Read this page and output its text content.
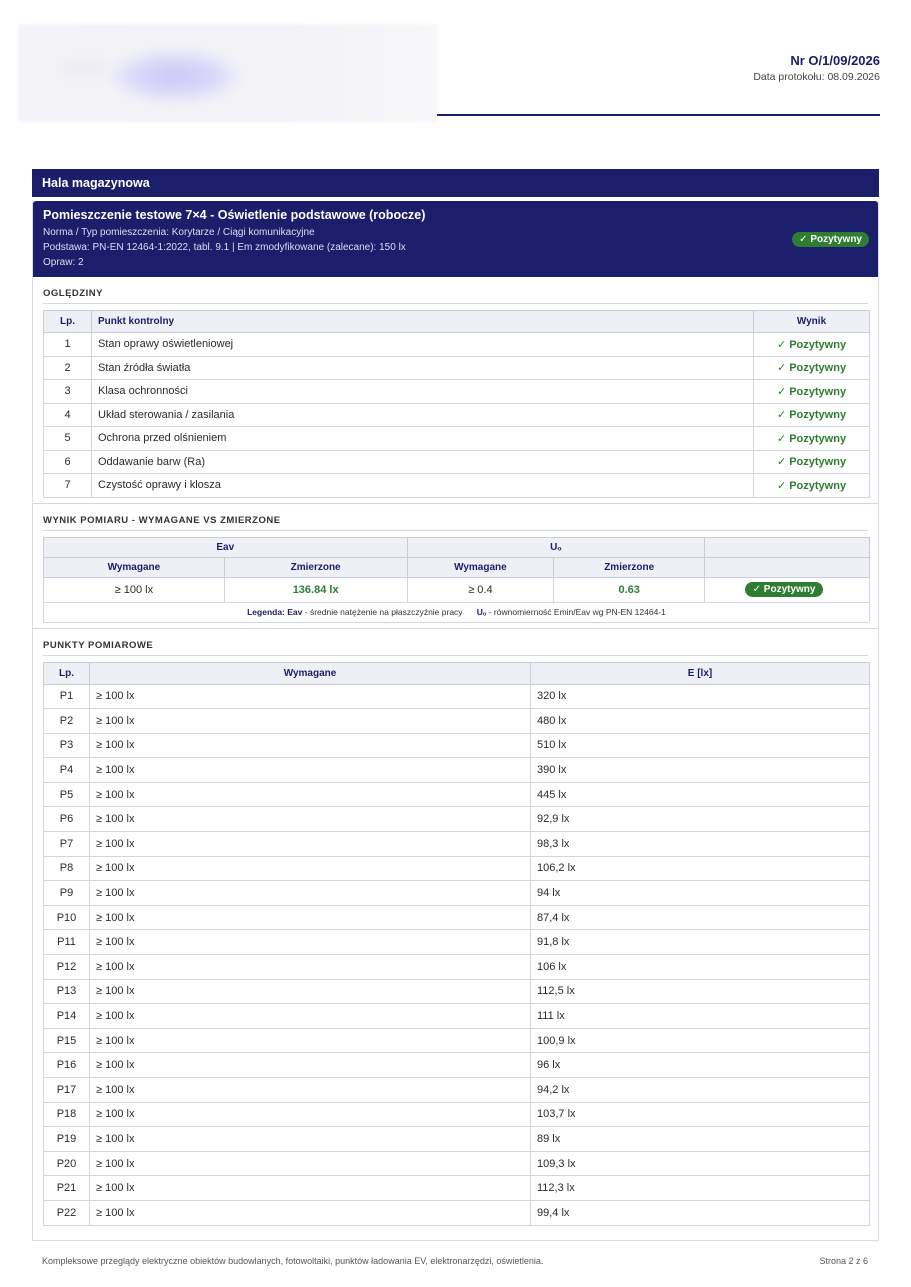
Nr O/1/09/2026
Data protokołu: 08.09.2026
Hala magazynowa
Pomieszczenie testowe 7×4 - Oświetlenie podstawowe (robocze)
Norma / Typ pomieszczenia: Korytarze / Ciągi komunikacyjne
Podstawa: PN-EN 12464-1:2022, tabl. 9.1 | Em zmodyfikowane (zalecane): 150 lx
Opraw: 2
✓ Pozytywny
OGLĘDZINY
Lp.	Punkt kontrolny	Wynik
1	Stan oprawy oświetleniowej	✓ Pozytywny
2	Stan źródła światła	✓ Pozytywny
3	Klasa ochronności	✓ Pozytywny
4	Układ sterowania / zasilania	✓ Pozytywny
5	Ochrona przed olśnieniem	✓ Pozytywny
6	Oddawanie barw (Ra)	✓ Pozytywny
7	Czystość oprawy i klosza	✓ Pozytywny
WYNIK POMIARU - WYMAGANE VS ZMIERZONE
Eav		Uₒ		
Wymagane	Zmierzone	Wymagane	Zmierzone	
≥ 100 lx	136.84 lx	≥ 0.4	0.63	✓ Pozytywny
Legenda: Eav - średnie natężenie na płaszczyźnie pracy Uₒ - równomierność Emin/Eav wg PN-EN 12464-1				
PUNKTY POMIAROWE
Lp.	Wymagane	E [lx]
P1	≥ 100 lx	320 lx
P2	≥ 100 lx	480 lx
P3	≥ 100 lx	510 lx
P4	≥ 100 lx	390 lx
P5	≥ 100 lx	445 lx
P6	≥ 100 lx	92,9 lx
P7	≥ 100 lx	98,3 lx
P8	≥ 100 lx	106,2 lx
P9	≥ 100 lx	94 lx
P10	≥ 100 lx	87,4 lx
P11	≥ 100 lx	91,8 lx
P12	≥ 100 lx	106 lx
P13	≥ 100 lx	112,5 lx
P14	≥ 100 lx	111 lx
P15	≥ 100 lx	100,9 lx
P16	≥ 100 lx	96 lx
P17	≥ 100 lx	94,2 lx
P18	≥ 100 lx	103,7 lx
P19	≥ 100 lx	89 lx
P20	≥ 100 lx	109,3 lx
P21	≥ 100 lx	112,3 lx
P22	≥ 100 lx	99,4 lx
Kompleksowe przeglądy elektryczne obiektów budowlanych, fotowoltaiki, punktów ładowania EV, elektronarzędzi, oświetlenia.	Strona 2 z 6
